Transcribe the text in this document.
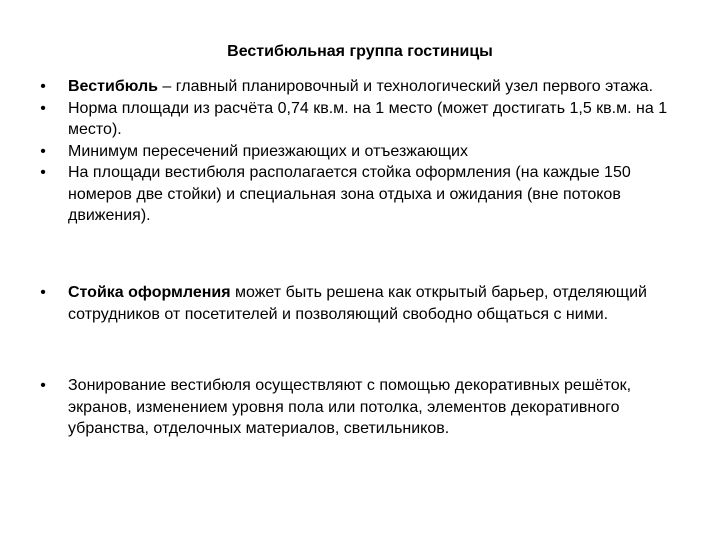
Вестибюльная группа гостиницы
• Вестибюль – главный планировочный и технологический узел первого этажа.
• Норма площади из расчёта 0,74 кв.м. на 1 место (может достигать 1,5 кв.м. на 1 место).
• Минимум пересечений приезжающих и отъезжающих
• На площади вестибюля располагается стойка оформления (на каждые 150 номеров две стойки) и специальная зона отдыха и ожидания (вне потоков движения).
• Стойка оформления может быть решена как открытый барьер, отделяющий сотрудников от посетителей и позволяющий свободно общаться с ними.
• Зонирование вестибюля осуществляют с помощью декоративных решёток, экранов, изменением уровня пола или потолка, элементов декоративного убранства, отделочных материалов, светильников.
